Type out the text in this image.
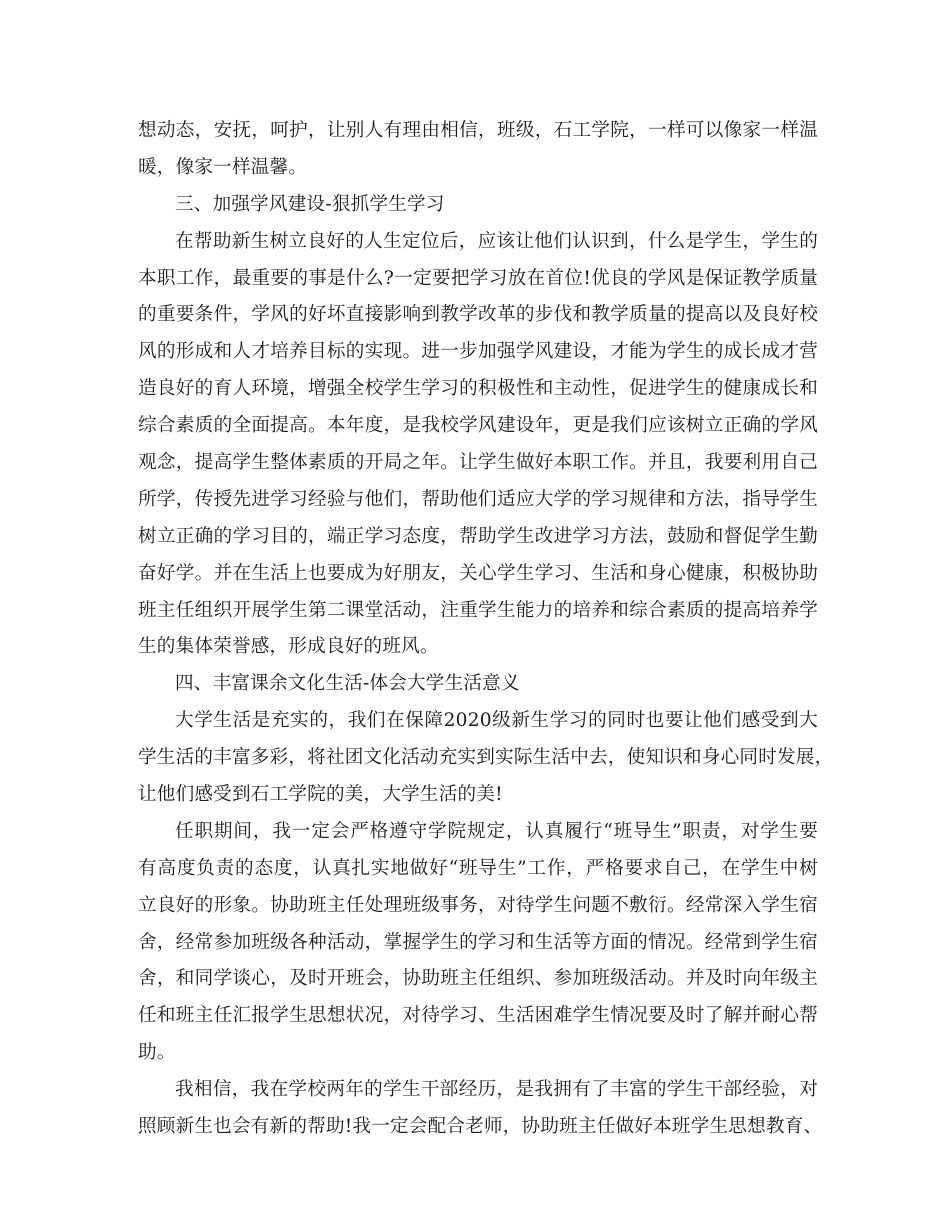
想动态，安抚，呵护，让别人有理由相信，班级，石工学院，一样可以像家一样温
暖，像家一样温馨。
三、加强学风建设-狠抓学生学习
在帮助新生树立良好的人生定位后，应该让他们认识到，什么是学生，学生的
本职工作，最重要的事是什么?一定要把学习放在首位!优良的学风是保证教学质量
的重要条件，学风的好坏直接影响到教学改革的步伐和教学质量的提高以及良好校
风的形成和人才培养目标的实现。进一步加强学风建设，才能为学生的成长成才营
造良好的育人环境，增强全校学生学习的积极性和主动性，促进学生的健康成长和
综合素质的全面提高。本年度，是我校学风建设年，更是我们应该树立正确的学风
观念，提高学生整体素质的开局之年。让学生做好本职工作。并且，我要利用自己
所学，传授先进学习经验与他们，帮助他们适应大学的学习规律和方法，指导学生
树立正确的学习目的，端正学习态度，帮助学生改进学习方法，鼓励和督促学生勤
奋好学。并在生活上也要成为好朋友，关心学生学习、生活和身心健康，积极协助
班主任组织开展学生第二课堂活动，注重学生能力的培养和综合素质的提高培养学
生的集体荣誉感，形成良好的班风。
四、丰富课余文化生活-体会大学生活意义
大学生活是充实的，我们在保障2020级新生学习的同时也要让他们感受到大
学生活的丰富多彩，将社团文化活动充实到实际生活中去，使知识和身心同时发展，
让他们感受到石工学院的美，大学生活的美!
任职期间，我一定会严格遵守学院规定，认真履行“班导生”职责，对学生要
有高度负责的态度，认真扎实地做好“班导生”工作，严格要求自己，在学生中树
立良好的形象。协助班主任处理班级事务，对待学生问题不敷衍。经常深入学生宿
舍，经常参加班级各种活动，掌握学生的学习和生活等方面的情况。经常到学生宿
舍，和同学谈心，及时开班会，协助班主任组织、参加班级活动。并及时向年级主
任和班主任汇报学生思想状况，对待学习、生活困难学生情况要及时了解并耐心帮
助。
我相信，我在学校两年的学生干部经历，是我拥有了丰富的学生干部经验，对
照顾新生也会有新的帮助!我一定会配合老师，协助班主任做好本班学生思想教育、
